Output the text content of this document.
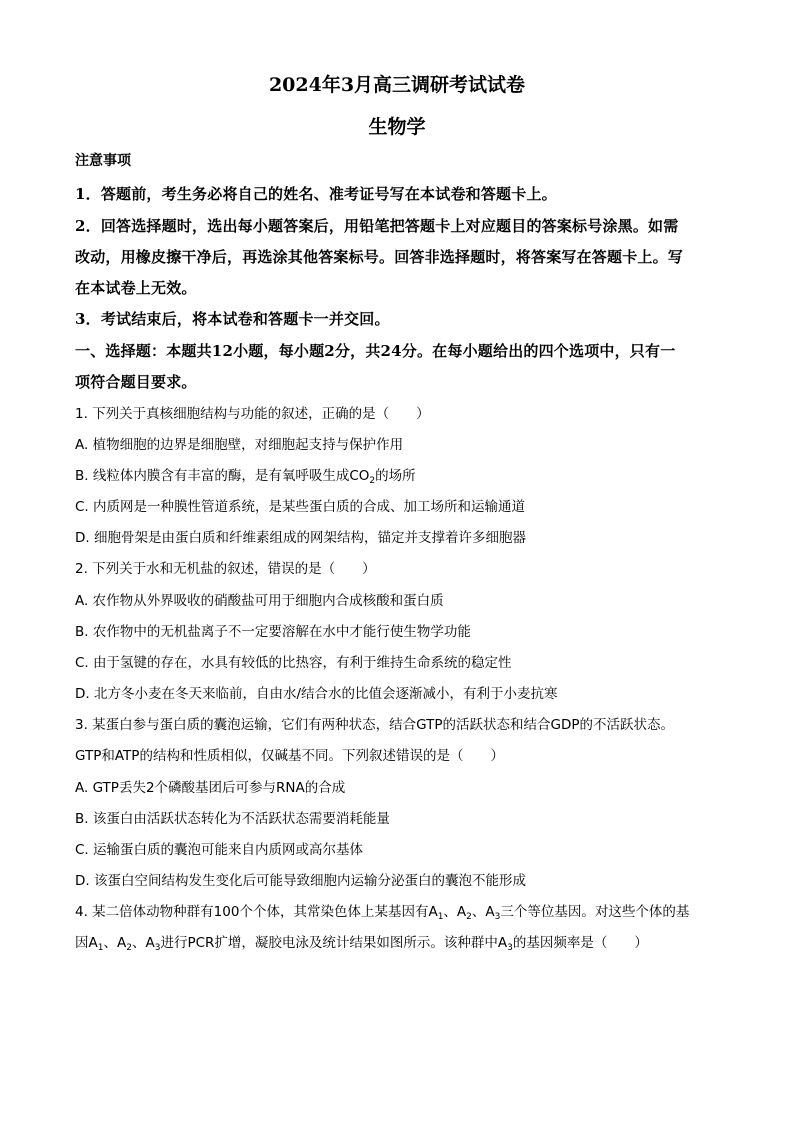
2024年3月高三调研考试试卷
生物学
注意事项

1．答题前，考生务必将自己的姓名、准考证号写在本试卷和答题卡上。

2．回答选择题时，选出每小题答案后，用铅笔把答题卡上对应题目的答案标号涂黑。如需

改动，用橡皮擦干净后，再选涂其他答案标号。回答非选择题时，将答案写在答题卡上。写

在本试卷上无效。

3．考试结束后，将本试卷和答题卡一并交回。

一、选择题：本题共12小题，每小题2分，共24分。在每小题给出的四个选项中，只有一

项符合题目要求。

1. 下列关于真核细胞结构与功能的叙述，正确的是（　　）

A. 植物细胞的边界是细胞壁，对细胞起支持与保护作用

B. 线粒体内膜含有丰富的酶，是有氧呼吸生成$CO_2$的场所

C. 内质网是一种膜性管道系统，是某些蛋白质的合成、加工场所和运输通道

D. 细胞骨架是由蛋白质和纤维素组成的网架结构，锚定并支撑着许多细胞器

2. 下列关于水和无机盐的叙述，错误的是（　　）

A. 农作物从外界吸收的硝酸盐可用于细胞内合成核酸和蛋白质

B. 农作物中的无机盐离子不一定要溶解在水中才能行使生物学功能

C. 由于氢键的存在，水具有较低的比热容，有利于维持生命系统的稳定性

D. 北方冬小麦在冬天来临前，自由水/结合水的比值会逐渐减小，有利于小麦抗寒

3. 某蛋白参与蛋白质的囊泡运输，它们有两种状态，结合GTP的活跃状态和结合GDP的不活跃状态。

GTP和ATP的结构和性质相似，仅碱基不同。下列叙述错误的是（　　）

A. GTP丢失2个磷酸基团后可参与RNA的合成

B. 该蛋白由活跃状态转化为不活跃状态需要消耗能量

C. 运输蛋白质的囊泡可能来自内质网或高尔基体

D. 该蛋白空间结构发生变化后可能导致细胞内运输分泌蛋白的囊泡不能形成

4. 某二倍体动物种群有100个个体，其常染色体上某基因有$A_1$、$A_2$、$A_3$三个等位基因。对这些个体的基

因$A_1$、$A_2$、$A_3$进行PCR扩增，凝胶电泳及统计结果如图所示。该种群中$A_3$的基因频率是（　　）
